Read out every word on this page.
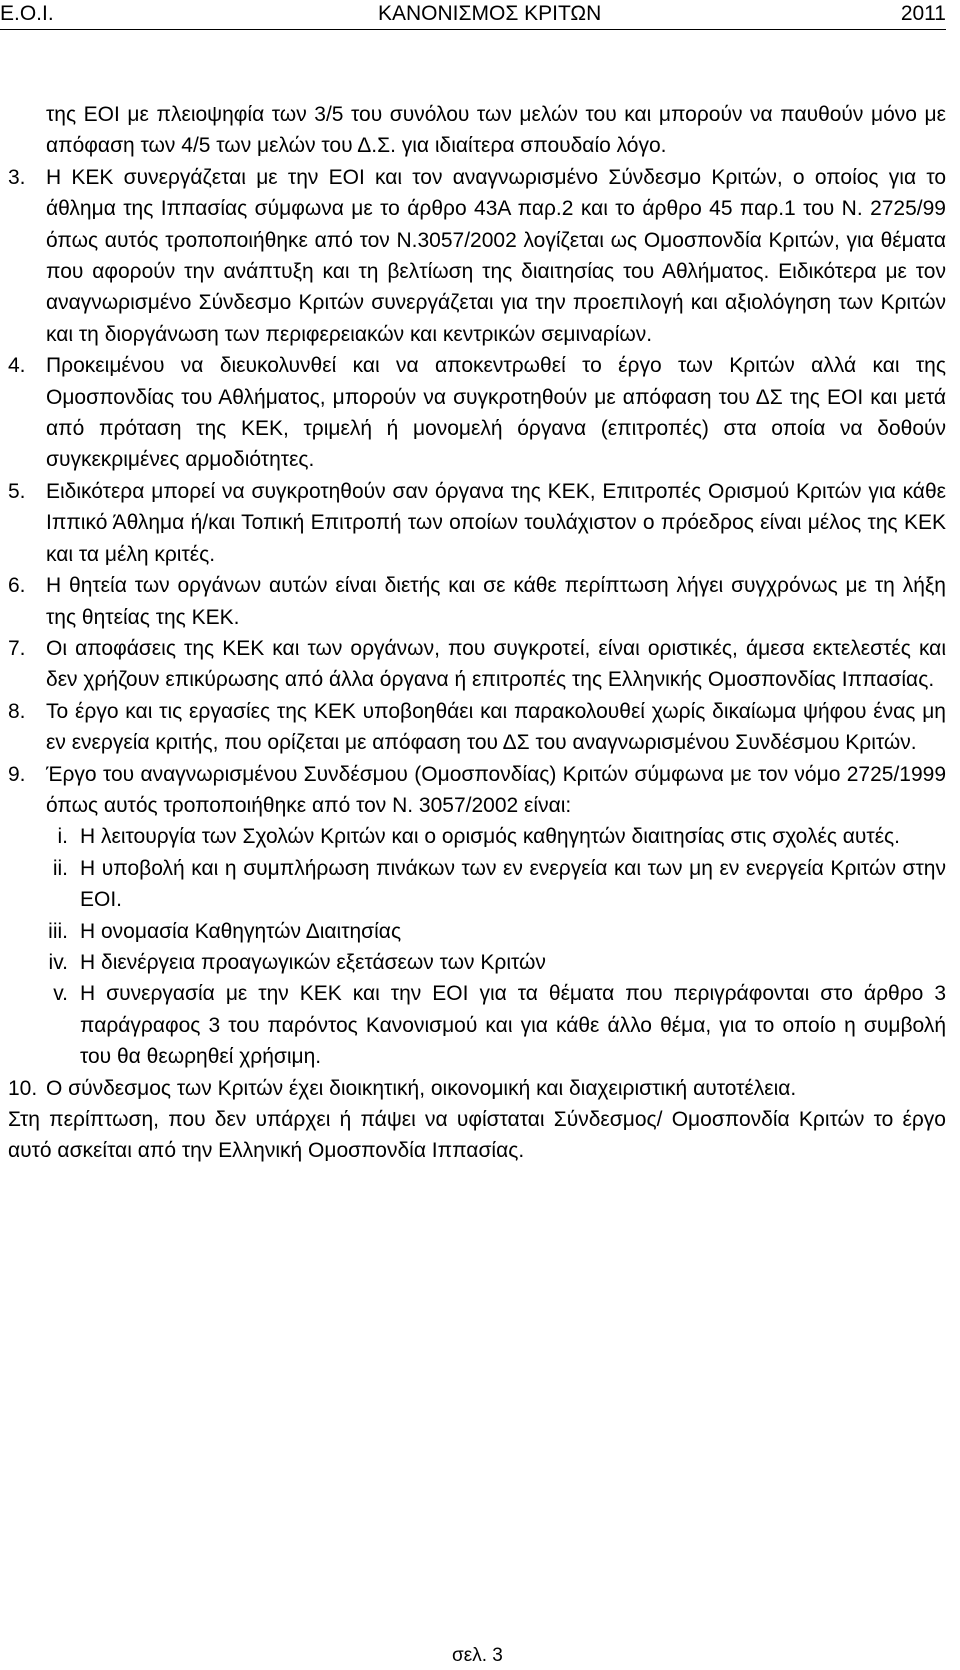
Ε.Ο.Ι.	ΚΑΝΟΝΙΣΜΟΣ ΚΡΙΤΩΝ	2011
της ΕΟΙ με πλειοψηφία των 3/5 του συνόλου των μελών του και μπορούν να παυθούν μόνο με απόφαση των 4/5 των μελών του Δ.Σ. για ιδιαίτερα σπουδαίο λόγο.
3. Η ΚΕΚ συνεργάζεται με την ΕΟΙ και τον αναγνωρισμένο Σύνδεσμο Κριτών, ο οποίος για το άθλημα της Ιππασίας σύμφωνα με το άρθρο 43Α παρ.2 και το άρθρο 45 παρ.1 του Ν. 2725/99 όπως αυτός τροποποιήθηκε από τον Ν.3057/2002 λογίζεται ως Ομοσπονδία Κριτών, για θέματα που αφορούν την ανάπτυξη και τη βελτίωση της διαιτησίας του Αθλήματος. Ειδικότερα με τον αναγνωρισμένο Σύνδεσμο Κριτών συνεργάζεται για την προεπιλογή και αξιολόγηση των Κριτών και τη διοργάνωση των περιφερειακών και κεντρικών σεμιναρίων.
4. Προκειμένου να διευκολυνθεί και να αποκεντρωθεί το έργο των Κριτών αλλά και της Ομοσπονδίας του Αθλήματος, μπορούν να συγκροτηθούν με απόφαση του ΔΣ της ΕΟΙ και μετά από πρόταση της ΚΕΚ, τριμελή ή μονομελή όργανα (επιτροπές) στα οποία να δοθούν συγκεκριμένες αρμοδιότητες.
5. Ειδικότερα μπορεί να συγκροτηθούν σαν όργανα της ΚΕΚ, Επιτροπές Ορισμού Κριτών για κάθε Ιππικό Άθλημα ή/και Τοπική Επιτροπή των οποίων τουλάχιστον ο πρόεδρος είναι μέλος της ΚΕΚ και τα μέλη κριτές.
6. Η θητεία των οργάνων αυτών είναι διετής και σε κάθε περίπτωση λήγει συγχρόνως με τη λήξη της θητείας της ΚΕΚ.
7. Οι αποφάσεις της ΚΕΚ και των οργάνων, που συγκροτεί, είναι οριστικές, άμεσα εκτελεστές και δεν χρήζουν επικύρωσης από άλλα όργανα ή επιτροπές της Ελληνικής Ομοσπονδίας Ιππασίας.
8. Το έργο και τις εργασίες της ΚΕΚ υποβοηθάει και παρακολουθεί χωρίς δικαίωμα ψήφου ένας μη εν ενεργεία κριτής, που ορίζεται με απόφαση του ΔΣ του αναγνωρισμένου Συνδέσμου Κριτών.
9. Έργο του αναγνωρισμένου Συνδέσμου (Ομοσπονδίας) Κριτών σύμφωνα με τον νόμο 2725/1999 όπως αυτός τροποποιήθηκε από τον Ν. 3057/2002 είναι:
i. Η λειτουργία των Σχολών Κριτών και ο ορισμός καθηγητών διαιτησίας στις σχολές αυτές.
ii. Η υποβολή και η συμπλήρωση πινάκων των εν ενεργεία και των μη εν ενεργεία Κριτών στην ΕΟΙ.
iii. Η ονομασία Καθηγητών Διαιτησίας
iv. Η διενέργεια προαγωγικών εξετάσεων των Κριτών
v. Η συνεργασία με την ΚΕΚ και την ΕΟΙ για τα θέματα που περιγράφονται στο άρθρο 3 παράγραφος 3 του παρόντος Κανονισμού και για κάθε άλλο θέμα, για το οποίο η συμβολή του θα θεωρηθεί χρήσιμη.
10. Ο σύνδεσμος των Κριτών έχει διοικητική, οικονομική και διαχειριστική αυτοτέλεια.
Στη περίπτωση, που δεν υπάρχει ή πάψει να υφίσταται Σύνδεσμος/ Ομοσπονδία Κριτών το έργο αυτό ασκείται από την Ελληνική Ομοσπονδία Ιππασίας.
σελ. 3
